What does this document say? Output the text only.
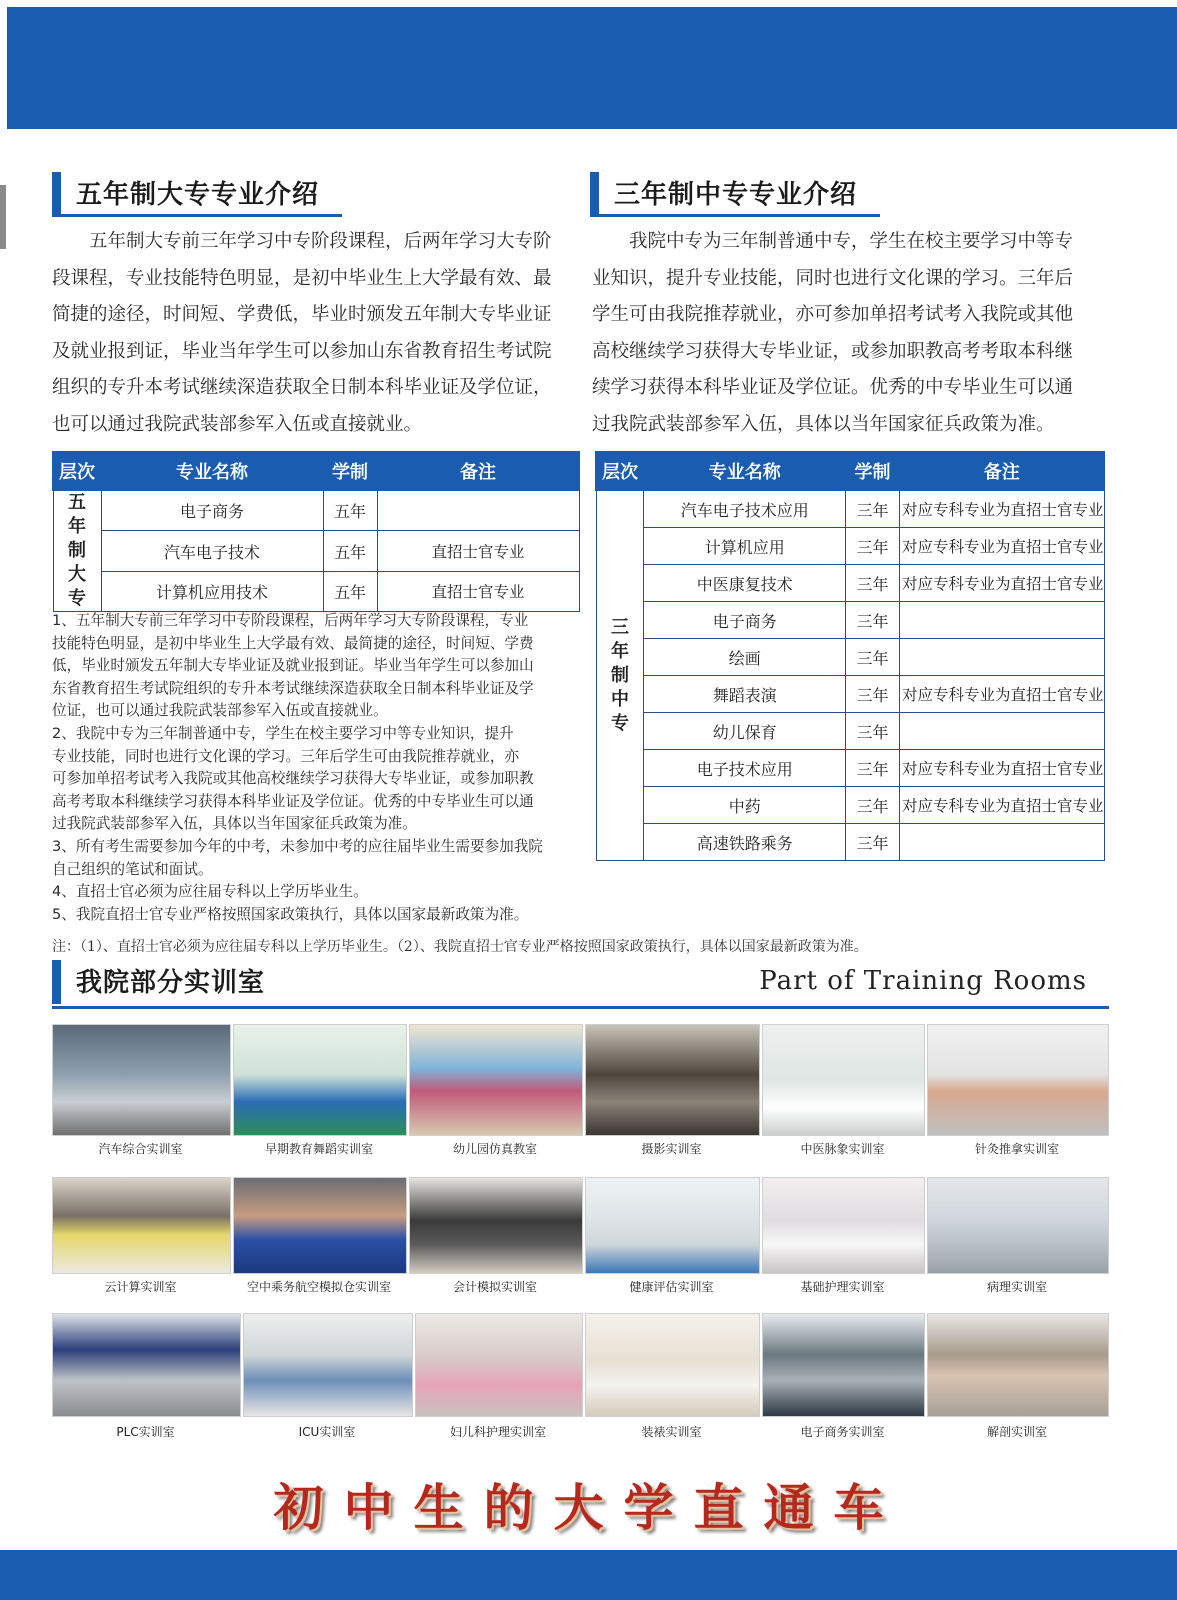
五年制大专专业介绍	三年制中专专业介绍
　　五年制大专前三年学习中专阶段课程，后两年学习大专阶
段课程，专业技能特色明显，是初中毕业生上大学最有效、最
简捷的途径，时间短、学费低，毕业时颁发五年制大专毕业证
及就业报到证，毕业当年学生可以参加山东省教育招生考试院
组织的专升本考试继续深造获取全日制本科毕业证及学位证，
也可以通过我院武装部参军入伍或直接就业。
　　我院中专为三年制普通中专，学生在校主要学习中等专
业知识，提升专业技能，同时也进行文化课的学习。三年后
学生可由我院推荐就业，亦可参加单招考试考入我院或其他
高校继续学习获得大专毕业证，或参加职教高考考取本科继
续学习获得本科毕业证及学位证。优秀的中专毕业生可以通
过我院武装部参军入伍，具体以当年国家征兵政策为准。
层次	专业名称	学制	备注

五
年
制
大
专	电子商务	五年	
	汽车电子技术	五年	直招士官专业
	计算机应用技术	五年	直招士官专业
层次	专业名称	学制	备注

三
年
制
中
专	汽车电子技术应用	三年	对应专科专业为直招士官专业
	计算机应用	三年	对应专科专业为直招士官专业
	中医康复技术	三年	对应专科专业为直招士官专业
	电子商务	三年	
	绘画	三年	
	舞蹈表演	三年	对应专科专业为直招士官专业
	幼儿保育	三年	
	电子技术应用	三年	对应专科专业为直招士官专业
	中药	三年	对应专科专业为直招士官专业
	高速铁路乘务	三年	
1、五年制大专前三年学习中专阶段课程，后两年学习大专阶段课程，专业
技能特色明显，是初中毕业生上大学最有效、最简捷的途径，时间短、学费
低，毕业时颁发五年制大专毕业证及就业报到证。毕业当年学生可以参加山
东省教育招生考试院组织的专升本考试继续深造获取全日制本科毕业证及学
位证，也可以通过我院武装部参军入伍或直接就业。
2、我院中专为三年制普通中专，学生在校主要学习中等专业知识，提升
专业技能，同时也进行文化课的学习。三年后学生可由我院推荐就业，亦
可参加单招考试考入我院或其他高校继续学习获得大专毕业证，或参加职教
高考考取本科继续学习获得本科毕业证及学位证。优秀的中专毕业生可以通
过我院武装部参军入伍，具体以当年国家征兵政策为准。
3、所有考生需要参加今年的中考，未参加中考的应往届毕业生需要参加我院
自己组织的笔试和面试。
4、直招士官必须为应往届专科以上学历毕业生。
5、我院直招士官专业严格按照国家政策执行，具体以国家最新政策为准。
注：（1）、直招士官必须为应往届专科以上学历毕业生。（2）、我院直招士官专业严格按照国家政策执行，具体以国家最新政策为准。
我院部分实训室	Part of Training Rooms
汽车综合实训室	早期教育舞蹈实训室	幼儿园仿真教室	摄影实训室	中医脉象实训室	针灸推拿实训室
云计算实训室	空中乘务航空模拟仓实训室	会计模拟实训室	健康评估实训室	基础护理实训室	病理实训室
PLC实训室	ICU实训室	妇儿科护理实训室	装裱实训室	电子商务实训室	解剖实训室
初中生的大学直通车
